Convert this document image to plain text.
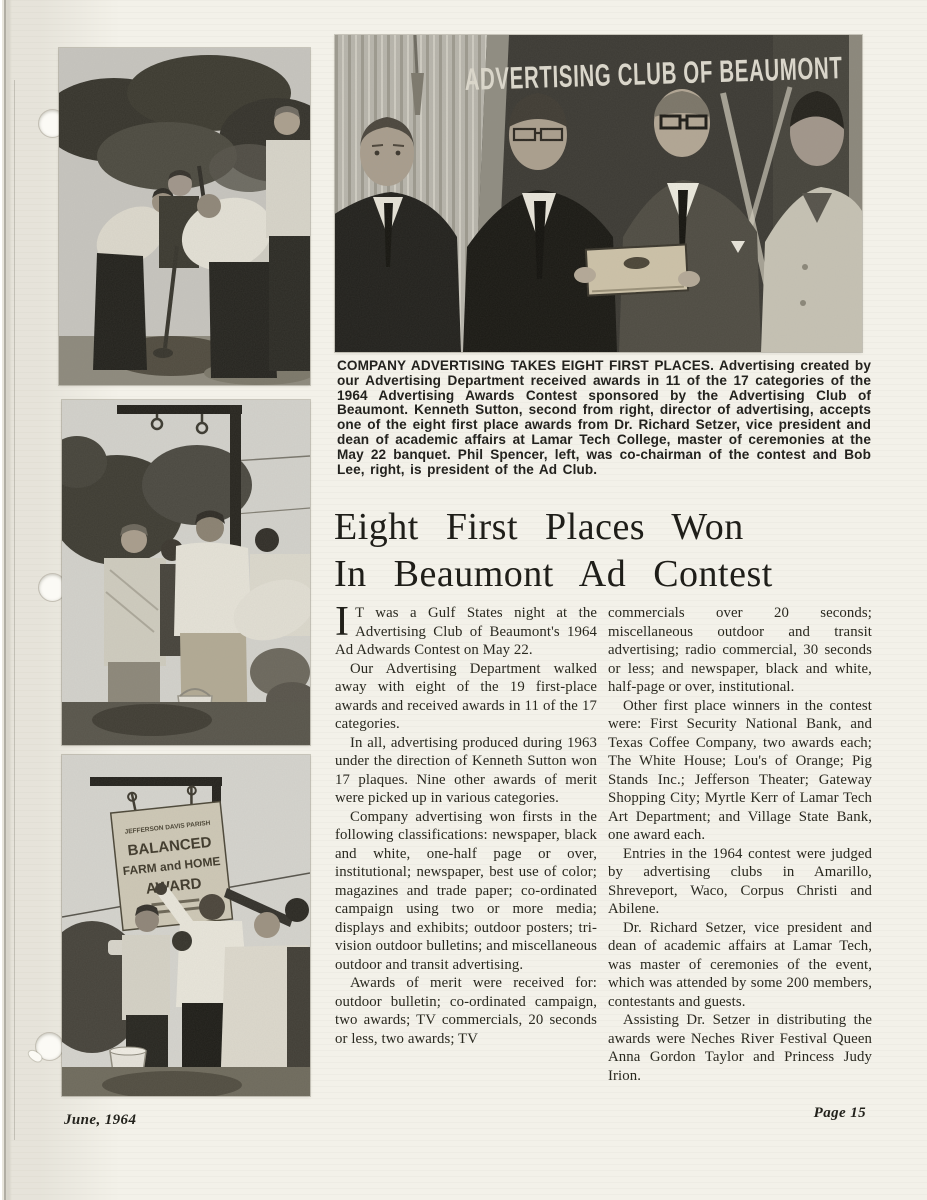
COMPANY ADVERTISING TAKES EIGHT FIRST PLACES. Advertising created by our Advertising Department received awards in 11 of the 17 categories of the 1964 Advertising Awards Contest sponsored by the Advertising Club of Beaumont. Kenneth Sutton, second from right, director of advertising, accepts one of the eight first place awards from Dr. Richard Setzer, vice president and dean of academic affairs at Lamar Tech College, master of ceremonies at the May 22 banquet. Phil Spencer, left, was co-chairman of the contest and Bob Lee, right, is president of the Ad Club.
Eight First Places Won
In Beaumont Ad Contest

I T was a Gulf States night at the Advertising Club of Beaumont's 1964 Ad Adwards Contest on May 22.

Our Advertising Department walked away with eight of the 19 first-place awards and received awards in 11 of the 17 categories.

In all, advertising produced during 1963 under the direction of Kenneth Sutton won 17 plaques. Nine other awards of merit were picked up in various categories.

Company advertising won firsts in the following classifications: newspaper, black and white, one-half page or over, institutional; newspaper, best use of color; magazines and trade paper; co-ordinated campaign using two or more media; displays and exhibits; outdoor posters; tri-vision outdoor bulletins; and miscellaneous outdoor and transit advertising.

Awards of merit were received for: outdoor bulletin; co-ordinated campaign, two awards; TV commercials, 20 seconds or less, two awards; TV

commercials over 20 seconds; miscellaneous outdoor and transit advertising; radio commercial, 30 seconds or less; and newspaper, black and white, half-page or over, institutional.

Other first place winners in the contest were: First Security National Bank, and Texas Coffee Company, two awards each; The White House; Lou's of Orange; Pig Stands Inc.; Jefferson Theater; Gateway Shopping City; Myrtle Kerr of Lamar Tech Art Department; and Village State Bank, one award each.

Entries in the 1964 contest were judged by advertising clubs in Amarillo, Shreveport, Waco, Corpus Christi and Abilene.

Dr. Richard Setzer, vice president and dean of academic affairs at Lamar Tech, was master of ceremonies of the event, which was attended by some 200 members, contestants and guests.

Assisting Dr. Setzer in distributing the awards were Neches River Festival Queen Anna Gordon Taylor and Princess Judy Irion.

June, 1964	Page 15
